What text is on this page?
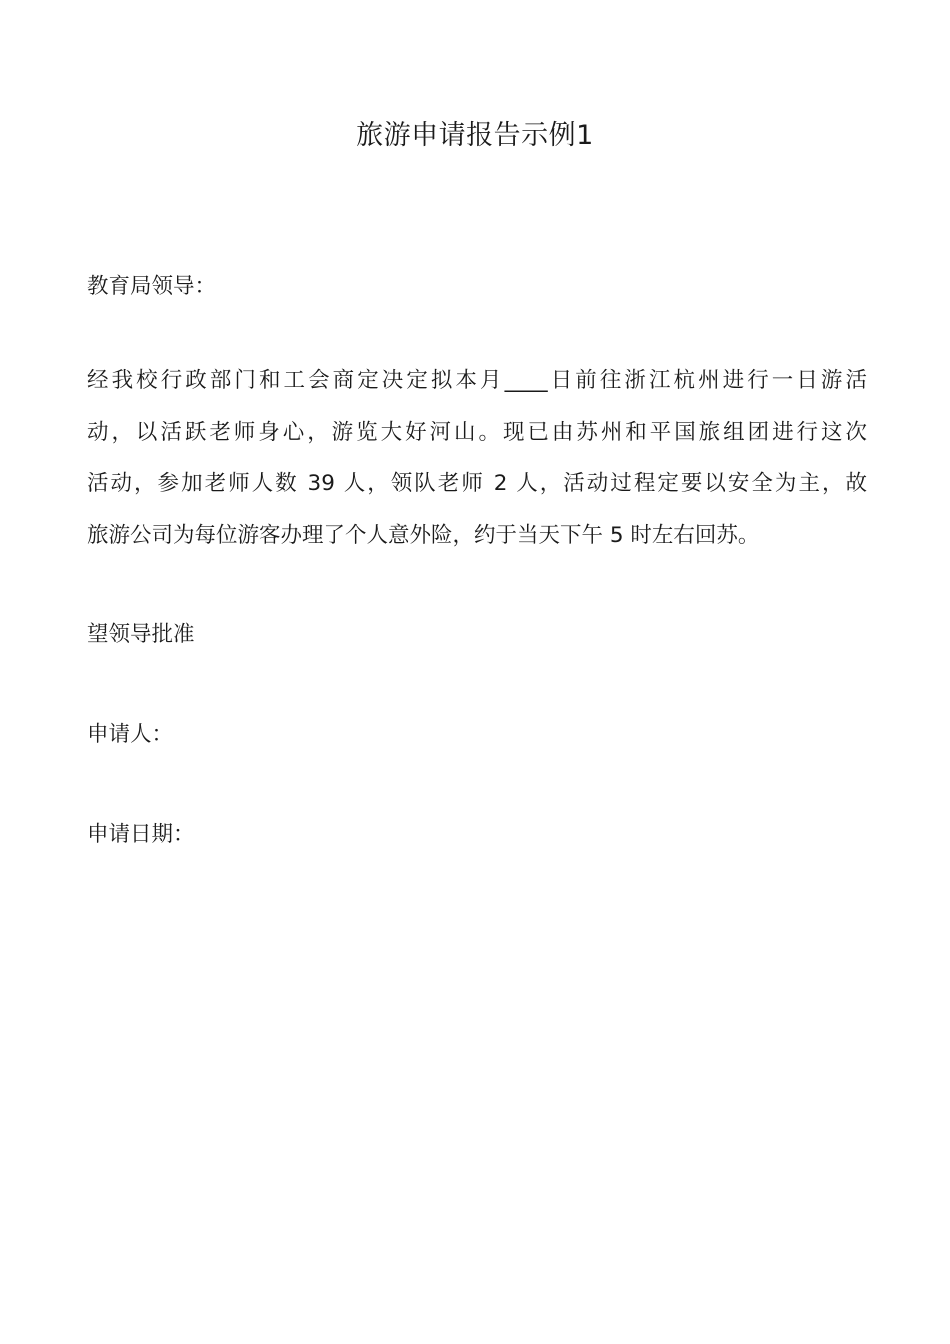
旅游申请报告示例1
教育局领导：
经我校行政部门和工会商定决定拟本月____日前往浙江杭州进行一日游活
动，以活跃老师身心，游览大好河山。现已由苏州和平国旅组团进行这次
活动，参加老师人数 39 人，领队老师 2 人，活动过程定要以安全为主，故
旅游公司为每位游客办理了个人意外险，约于当天下午 5 时左右回苏。
望领导批准
申请人：
申请日期：
